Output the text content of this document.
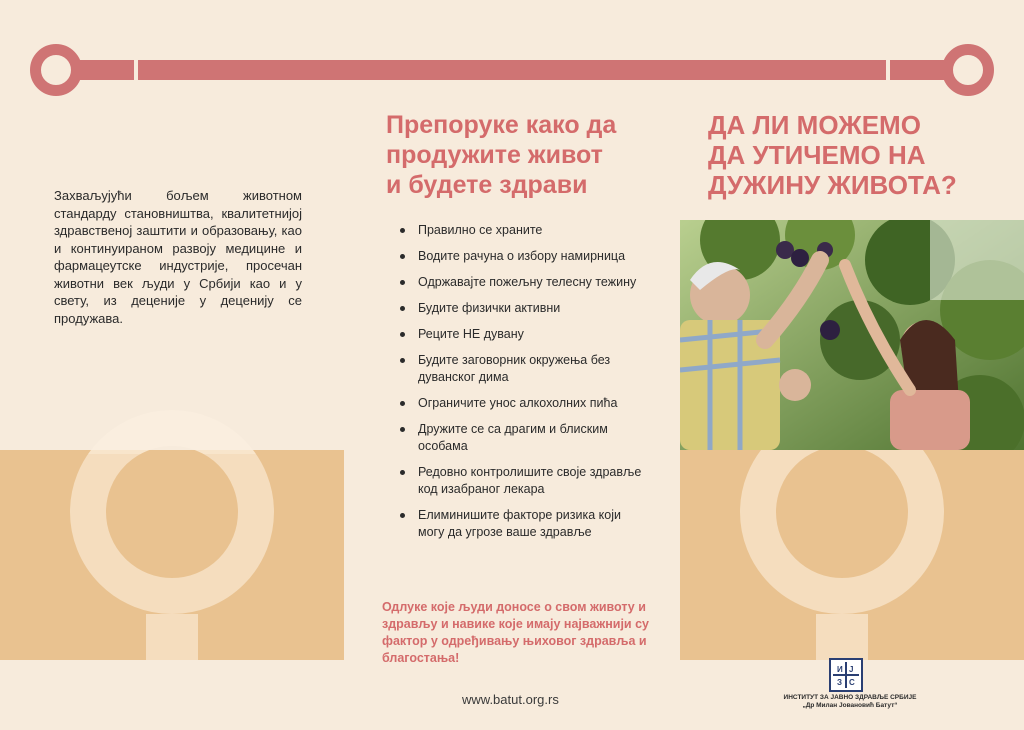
Захваљујући бољем животном стандарду становништва, квалитетнијој здравственој заштити и образовању, као и континуираном развоју медицине и фармацеутске индустрије, просечан животни век људи у Србији као и у свету, из деценије у деценију се продужава.
Препоруке како да
продужите живот
и будете здрави
Правилно се храните
Водите рачуна о избору намирница
Одржавајте пожељну телесну тежину
Будите физички активни
Реците НЕ дувану
Будите заговорник окружења без дуванског дима
Ограничите унос алкохолних пића
Дружите се са драгим и блиским особама
Редовно контролишите своје здравље код изабраног лекара
Елиминишите факторе ризика који могу да угрозе ваше здравље
Одлуке које људи доносе о свом животу и здрављу и навике које имају најважнији су фактор у одређивању њиховог здравља и благостања!
www.batut.org.rs
ДА ЛИ МОЖЕМО
ДА УТИЧЕМО НА
ДУЖИНУ ЖИВОТА?
И Ј
З С
ИНСТИТУТ ЗА ЈАВНО ЗДРАВЉЕ СРБИЈЕ
„Др Милан Јовановић Батут“
